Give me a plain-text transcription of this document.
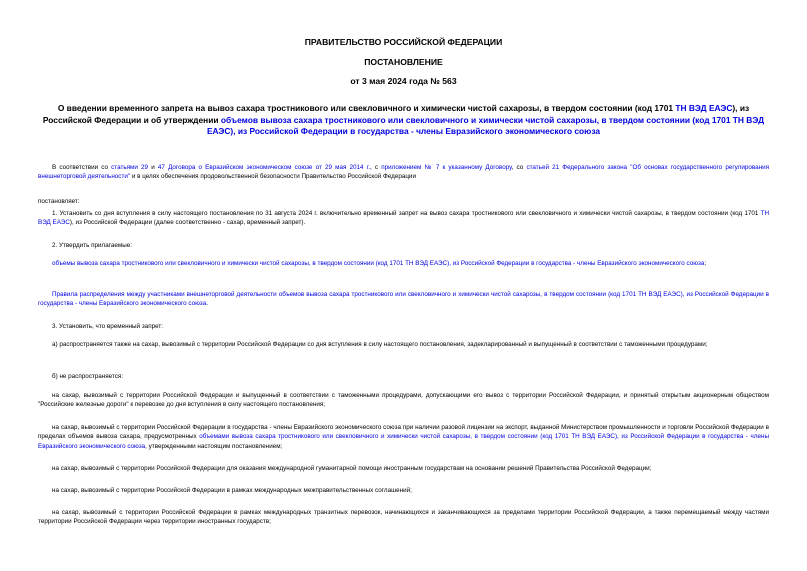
ПРАВИТЕЛЬСТВО РОССИЙСКОЙ ФЕДЕРАЦИИ
ПОСТАНОВЛЕНИЕ
от 3 мая 2024 года № 563
О введении временного запрета на вывоз сахара тростникового или свекловичного и химически чистой сахарозы, в твердом состоянии (код 1701 ТН ВЭД ЕАЭС), из Российской Федерации и об утверждении объемов вывоза сахара тростникового или свекловичного и химически чистой сахарозы, в твердом состоянии (код 1701 ТН ВЭД ЕАЭС), из Российской Федерации в государства - члены Евразийского экономического союза

В соответствии со статьями 29 и 47 Договора о Евразийском экономическом союзе от 29 мая 2014 г., с приложением № 7 к указанному Договору, со статьей 21 Федерального закона "Об основах государственного регулирования внешнеторговой деятельности" и в целях обеспечения продовольственной безопасности Правительство Российской Федерации

постановляет:

1. Установить со дня вступления в силу настоящего постановления по 31 августа 2024 г. включительно временный запрет на вывоз сахара тростникового или свекловичного и химически чистой сахарозы, в твердом состоянии (код 1701 ТН ВЭД ЕАЭС), из Российской Федерации (далее соответственно - сахар, временный запрет).

2. Утвердить прилагаемые:

объемы вывоза сахара тростникового или свекловичного и химически чистой сахарозы, в твердом состоянии (код 1701 ТН ВЭД ЕАЭС), из Российской Федерации в государства - члены Евразийского экономического союза;

Правила распределения между участниками внешнеторговой деятельности объемов вывоза сахара тростникового или свекловичного и химически чистой сахарозы, в твердом состоянии (код 1701 ТН ВЭД ЕАЭС), из Российской Федерации в государства - члены Евразийского экономического союза.

3. Установить, что временный запрет:

а) распространяется также на сахар, вывозимый с территории Российской Федерации со дня вступления в силу настоящего постановления, задекларированный и выпущенный в соответствии с таможенными процедурами;

б) не распространяется:

на сахар, вывозимый с территории Российской Федерации и выпущенный в соответствии с таможенными процедурами, допускающими его вывоз с территории Российской Федерации, и принятый открытым акционерным обществом "Российские железные дороги" к перевозке до дня вступления в силу настоящего постановления;

на сахар, вывозимый с территории Российской Федерации в государства - члены Евразийского экономического союза при наличии разовой лицензии на экспорт, выданной Министерством промышленности и торговли Российской Федерации в пределах объемов вывоза сахара, предусмотренных объемами вывоза сахара тростникового или свекловичного и химически чистой сахарозы, в твердом состоянии (код 1701 ТН ВЭД ЕАЭС), из Российской Федерации в государства - члены Евразийского экономического союза, утвержденными настоящим постановлением;

на сахар, вывозимый с территории Российской Федерации для оказания международной гуманитарной помощи иностранным государствам на основании решений Правительства Российской Федерации;

на сахар, вывозимый с территории Российской Федерации в рамках международных межправительственных соглашений;

на сахар, вывозимый с территории Российской Федерации в рамках международных транзитных перевозок, начинающихся и заканчивающихся за пределами территории Российской Федерации, а также перемещаемый между частями территории Российской Федерации через территории иностранных государств;
